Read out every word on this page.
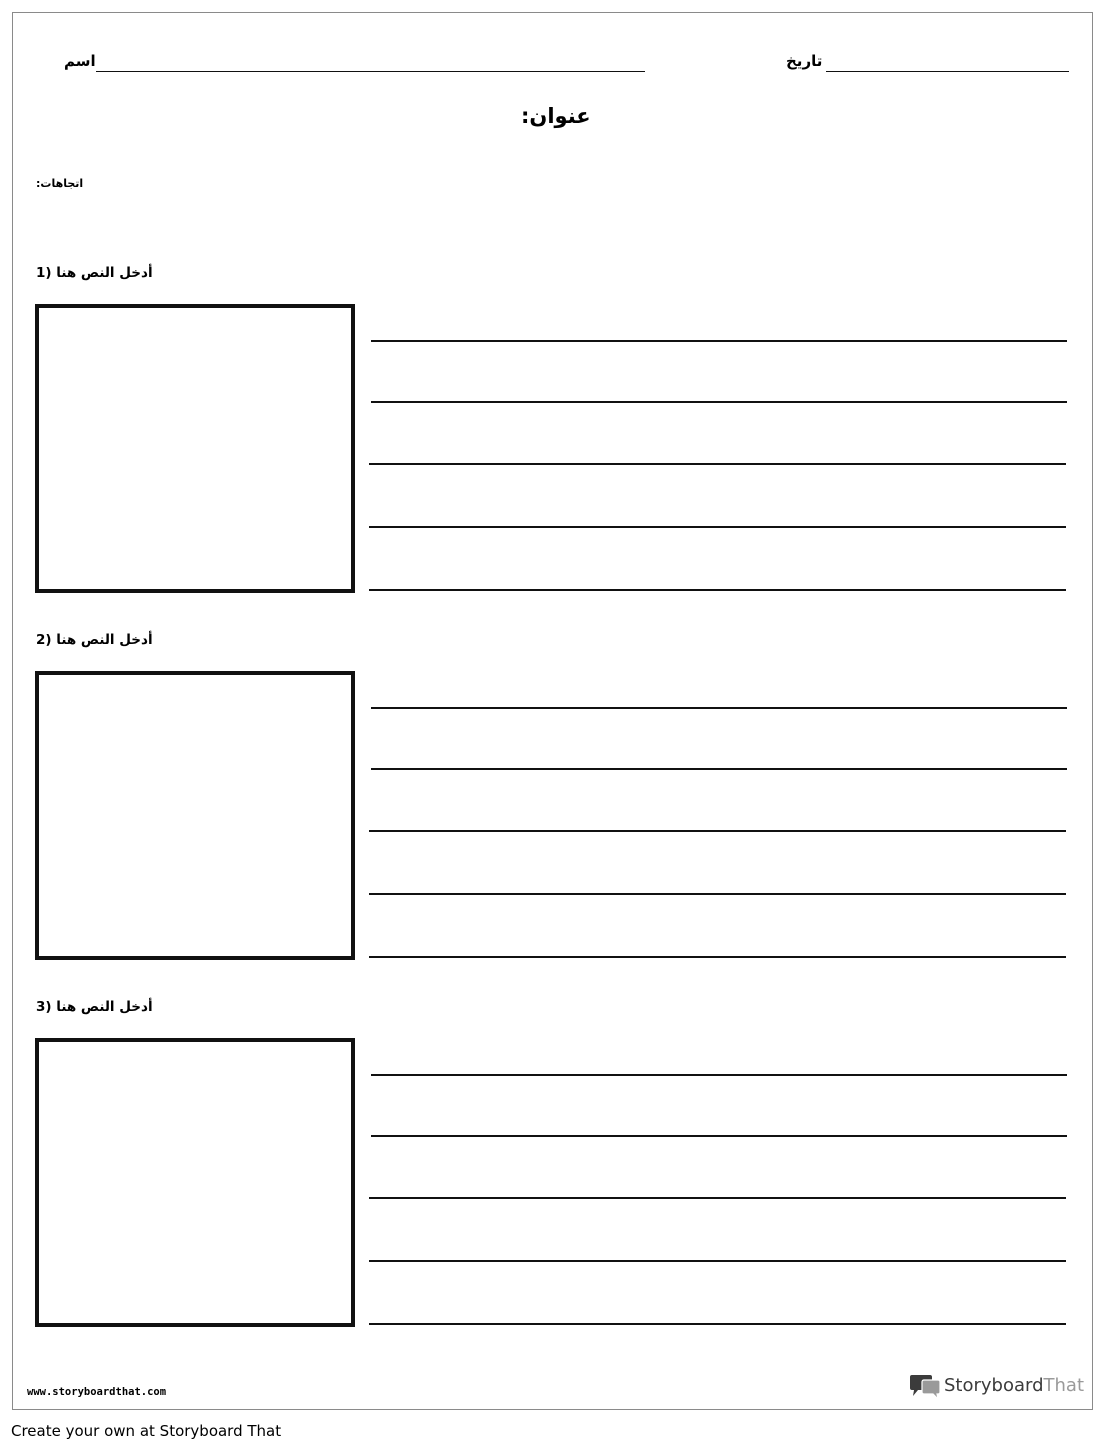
اسم	تاريخ
:عنوان
:اتجاهات
أدخل النص هنا (1
أدخل النص هنا (2
أدخل النص هنا (3
www.storyboardthat.com	StoryboardThat
Create your own at Storyboard That
